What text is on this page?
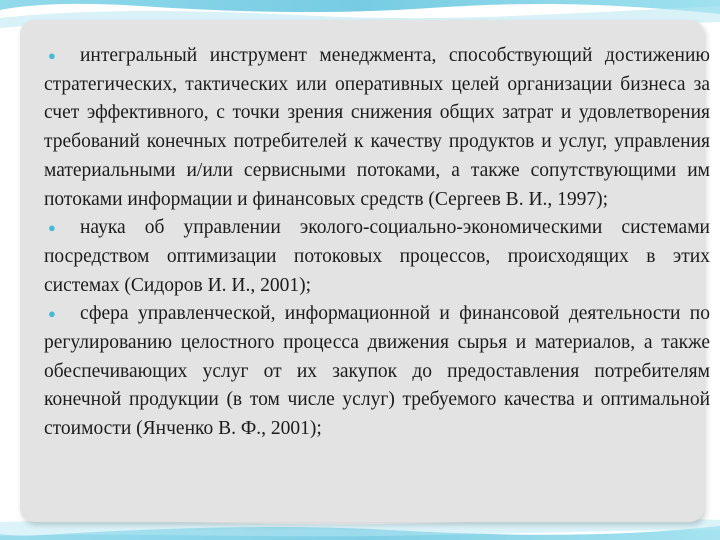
● интегральный инструмент менеджмента, способствующий достижению стратегических, тактических или оперативных целей организации бизнеса за счет эффективного, с точки зрения снижения общих затрат и удовлетворения требований конечных потребителей к качеству продуктов и услуг, управления материальными и/или сервисными потоками, а также сопутствующими им потоками информации и финансовых средств (Сергеев В. И., 1997);
● наука об управлении эколого-социально-экономическими системами посредством оптимизации потоковых процессов, происходящих в этих системах (Сидоров И. И., 2001);
● сфера управленческой, информационной и финансовой деятельности по регулированию целостного процесса движения сырья и материалов, а также обеспечивающих услуг от их закупок до предоставления потребителям конечной продукции (в том числе услуг) требуемого качества и оптимальной стоимости (Янченко В. Ф., 2001);
